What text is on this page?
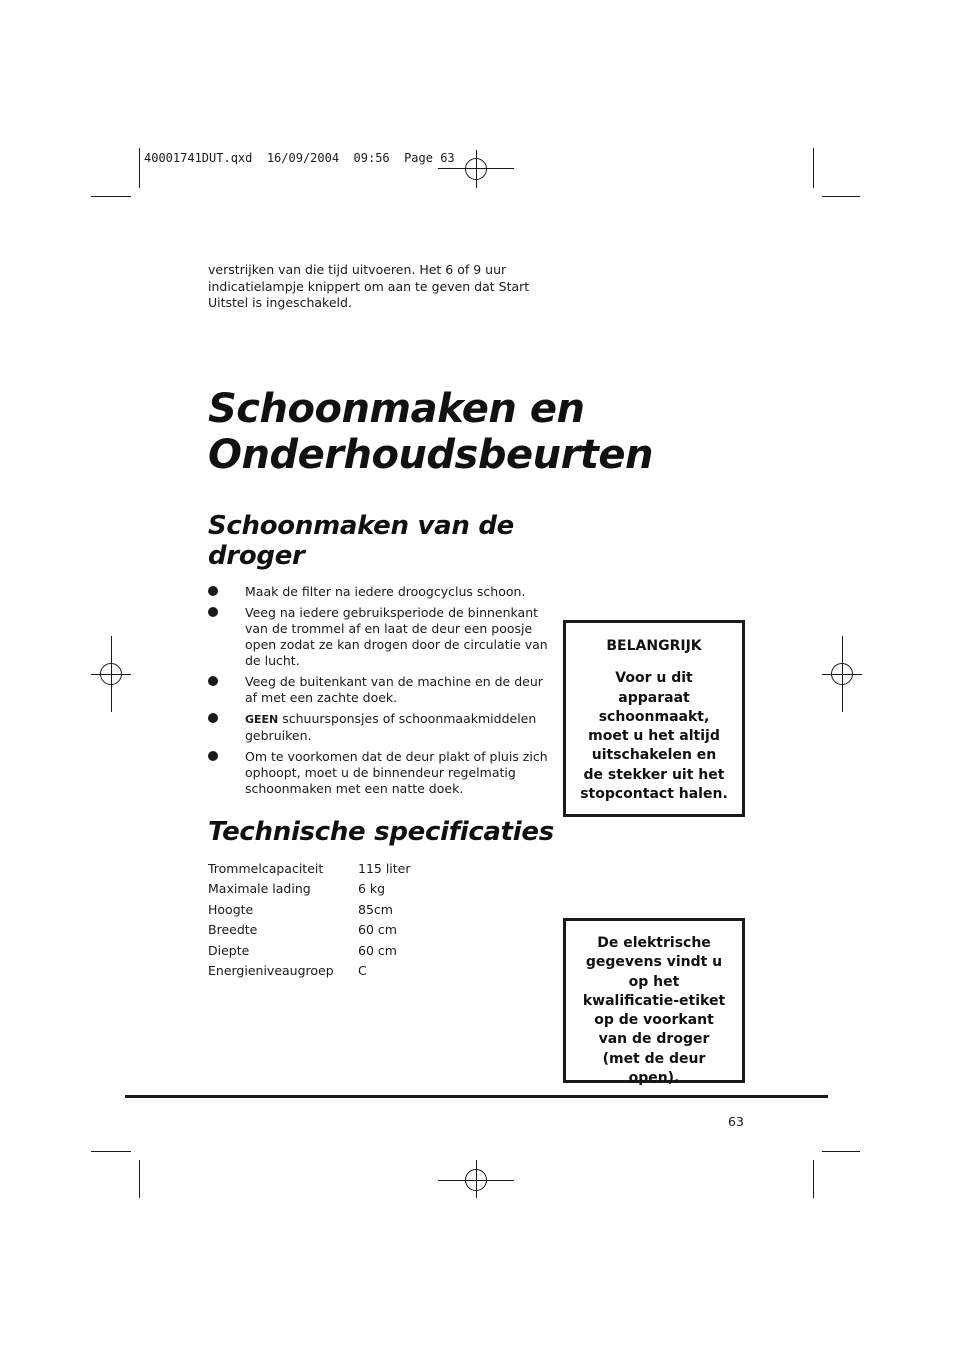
40001741DUT.qxd  16/09/2004  09:56  Page 63

verstrijken van die tijd uitvoeren. Het 6 of 9 uur indicatielampje knippert om aan te geven dat Start Uitstel is ingeschakeld.

Schoonmaken en
Onderhoudsbeurten
Schoonmaken van de
droger
Maak de filter na iedere droogcyclus schoon.
Veeg na iedere gebruiksperiode de binnenkant van de trommel af en laat de deur een poosje open zodat ze kan drogen door de circulatie van de lucht.
Veeg de buitenkant van de machine en de deur af met een zachte doek.
GEEN schuursponsjes of schoonmaakmiddelen gebruiken.
Om te voorkomen dat de deur plakt of pluis zich ophoopt, moet u de binnendeur regelmatig schoonmaken met een natte doek.
Technische specificaties
Trommelcapaciteit	115 liter
Maximale lading	6 kg
Hoogte	85cm
Breedte	60 cm
Diepte	60 cm
Energieniveaugroep	C
BELANGRIJK

Voor u dit apparaat schoonmaakt, moet u het altijd uitschakelen en de stekker uit het stopcontact halen.

De elektrische gegevens vindt u op het kwalificatie-etiket op de voorkant van de droger (met de deur open).

63
